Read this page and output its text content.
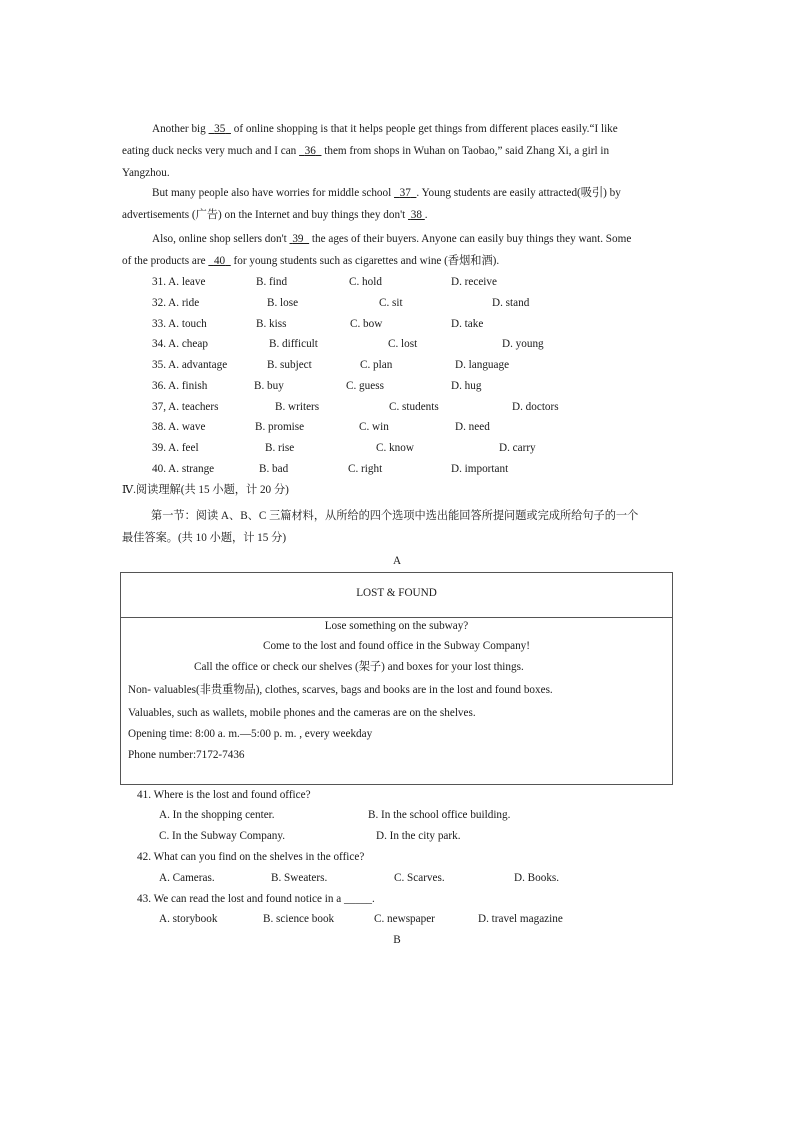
Another big   35   of online shopping is that it helps people get things from different places easily.“I like
eating duck necks very much and I can   36   them from shops in Wuhan on Taobao,” said Zhang Xi, a girl in
Yangzhou.
But many people also have worries for middle school   37 . Young students are easily attracted(吸引) by
advertisements (广告) on the Internet and buy things they don't  38 .
Also, online shop sellers don't  39   the ages of their buyers. Anyone can easily buy things they want. Some
of the products are   40   for young students such as cigarettes and wine (香烟和酒).
31. A. leave	B. find	C. hold	D. receive
32. A. ride	B. lose	C. sit	D. stand
33. A. touch	B. kiss	C. bow	D. take
34. A. cheap	B. difficult	C. lost	D. young
35. A. advantage	B. subject	C. plan	D. language
36. A. finish	B. buy	C. guess	D. hug
37, A. teachers	B. writers	C. students	D. doctors
38. A. wave	B. promise	C. win	D. need
39. A. feel	B. rise	C. know	D. carry
40. A. strange	B. bad	C. right	D. important
Ⅳ.阅读理解(共 15 小题，计 20 分)
第一节：阅读 A、B、C 三篇材料，从所给的四个选项中选出能回答所提问题或完成所给句子的一个
最佳答案。(共 10 小题，计 15 分)
A
LOST & FOUND
Lose something on the subway?
Come to the lost and found office in the Subway Company!
Call the office or check our shelves (架子) and boxes for your lost things.
Non- valuables(非贵重物品), clothes, scarves, bags and books are in the lost and found boxes.
Valuables, such as wallets, mobile phones and the cameras are on the shelves.
Opening time: 8:00 a. m.—5:00 p. m. , every weekday
Phone number:7172-7436
41. Where is the lost and found office?
A. In the shopping center.	B. In the school office building.
C. In the Subway Company.	D. In the city park.
42. What can you find on the shelves in the office?
A. Cameras.	B. Sweaters.	C. Scarves.	D. Books.
43. We can read the lost and found notice in a _____.
A. storybook	B. science book	C. newspaper	D. travel magazine
B
